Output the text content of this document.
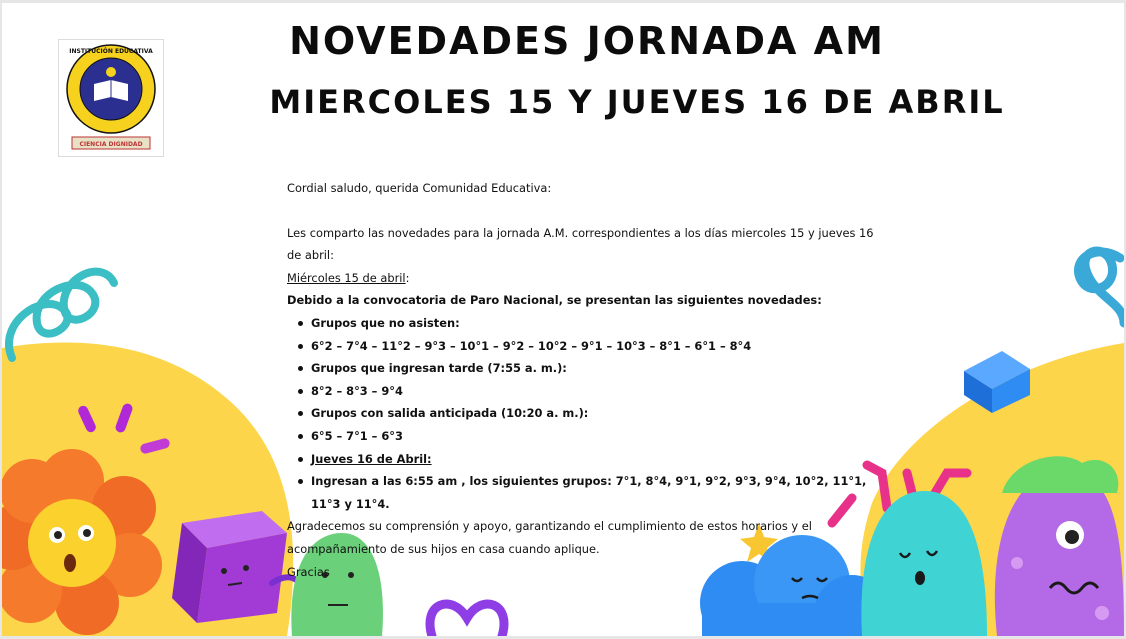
INSTITUCIÓN EDUCATIVA
CIENCIA DIGNIDAD
NOVEDADES JORNADA AM
MIERCOLES 15 Y JUEVES 16 DE ABRIL

Cordial saludo, querida Comunidad Educativa:

Les comparto las novedades para la jornada A.M. correspondientes a los días miercoles 15 y jueves 16 de abril:

Miércoles 15 de abril:

Debido a la convocatoria de Paro Nacional, se presentan las siguientes novedades:

Grupos que no asisten:
6°2 – 7°4 – 11°2 – 9°3 – 10°1 – 9°2 – 10°2 – 9°1 – 10°3 – 8°1 – 6°1 – 8°4
Grupos que ingresan tarde (7:55 a. m.):
8°2 – 8°3 – 9°4
Grupos con salida anticipada (10:20 a. m.):
6°5 – 7°1 – 6°3
Jueves 16 de Abril:
Ingresan a las 6:55 am , los siguientes grupos: 7°1, 8°4, 9°1, 9°2, 9°3, 9°4, 10°2, 11°1, 11°3 y 11°4.

Agradecemos su comprensión y apoyo, garantizando el cumplimiento de estos horarios y el acompañamiento de sus hijos en casa cuando aplique.

Gracias
